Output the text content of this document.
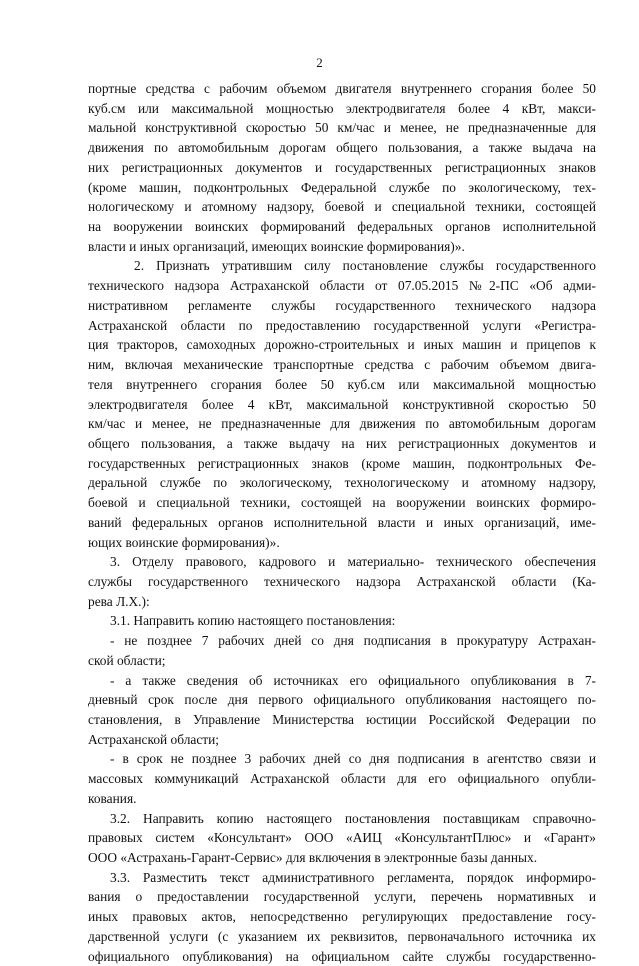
2
портные средства с рабочим объемом двигателя внутреннего сгорания более 50
куб.см или максимальной мощностью электродвигателя более 4 кВт, макси-
мальной конструктивной скоростью 50 км/час и менее, не предназначенные для
движения по автомобильным дорогам общего пользования, а также выдача на
них регистрационных документов и государственных регистрационных знаков
(кроме машин, подконтрольных Федеральной службе по экологическому, тех-
нологическому и атомному надзору, боевой и специальной техники, состоящей
на вооружении воинских формирований федеральных органов исполнительной
власти и иных организаций, имеющих воинские формирования)».
2. Признать утратившим силу постановление службы государственного
технического надзора Астраханской области от 07.05.2015 №2-ПС «Об адми-
нистративном регламенте службы государственного технического надзора
Астраханской области по предоставлению государственной услуги «Регистра-
ция тракторов, самоходных дорожно-строительных и иных машин и прицепов к
ним, включая механические транспортные средства с рабочим объемом двига-
теля внутреннего сгорания более 50 куб.см или максимальной мощностью
электродвигателя более 4 кВт, максимальной конструктивной скоростью 50
км/час и менее, не предназначенные для движения по автомобильным дорогам
общего пользования, а также выдачу на них регистрационных документов и
государственных регистрационных знаков (кроме машин, подконтрольных Фе-
деральной службе по экологическому, технологическому и атомному надзору,
боевой и специальной техники, состоящей на вооружении воинских формиро-
ваний федеральных органов исполнительной власти и иных организаций, име-
ющих воинские формирования)».
3. Отделу правового, кадрового и материально- технического обеспечения
службы государственного технического надзора Астраханской области (Ка-
рева Л.Х.):
3.1. Направить копию настоящего постановления:
- не позднее 7 рабочих дней со дня подписания в прокуратуру Астрахан-
ской области;
- а также сведения об источниках его официального опубликования в 7-
дневный срок после дня первого официального опубликования настоящего по-
становления, в Управление Министерства юстиции Российской Федерации по
Астраханской области;
- в срок не позднее 3 рабочих дней со дня подписания в агентство связи и
массовых коммуникаций Астраханской области для его официального опубли-
кования.
3.2. Направить копию настоящего постановления поставщикам справочно-
правовых систем «Консультант» ООО «АИЦ «КонсультантПлюс» и «Гарант»
ООО «Астрахань-Гарант-Сервис» для включения в электронные базы данных.
3.3. Разместить текст административного регламента, порядок информиро-
вания о предоставлении государственной услуги, перечень нормативных и
иных правовых актов, непосредственно регулирующих предоставление госу-
дарственной услуги (с указанием их реквизитов, первоначального источника их
официального опубликования) на официальном сайте службы государственно-
